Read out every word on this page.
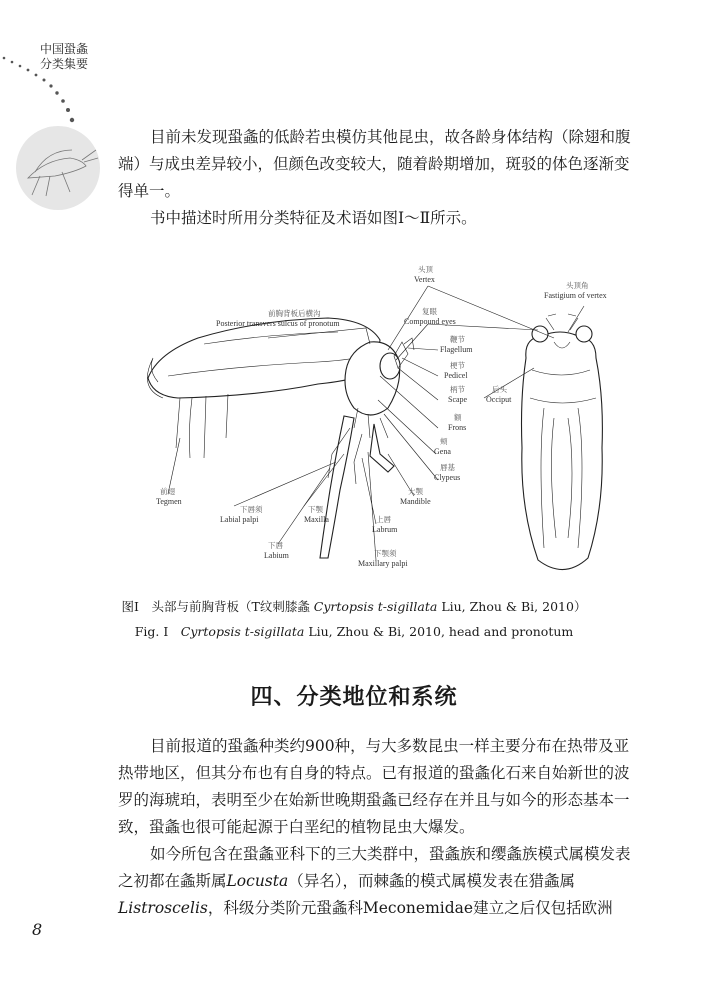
中国蛩螽
分类集要

目前未发现蛩螽的低龄若虫模仿其他昆虫，故各龄身体结构（除翅和腹端）与成虫差异较小，但颜色改变较大，随着龄期增加，斑驳的体色逐渐变得单一。

书中描述时所用分类特征及术语如图Ⅰ～Ⅱ所示。

头顶
Vertex
头顶角
Fastigium of vertex
前胸背板后横沟
Posterior transvers sulcus of pronotum
复眼
Compound eyes
鞭节
Flagellum
梗节
Pedicel
柄节
Scape
后头
Occiput
额
Frons
颊
Gena
唇基
Clypeus
大颚
Mandible
前翅
Tegmen
下唇须
Labial palpi
下颚
Maxilla	上唇
Labrum
下唇
Labium	下颚须
Maxillary palpi
图Ⅰ　头部与前胸背板（T纹刺膝螽 Cyrtopsis t-sigillata Liu, Zhou & Bi, 2010）
Fig. Ⅰ　Cyrtopsis t-sigillata Liu, Zhou & Bi, 2010, head and pronotum
四、分类地位和系统

目前报道的蛩螽种类约900种，与大多数昆虫一样主要分布在热带及亚热带地区，但其分布也有自身的特点。已有报道的蛩螽化石来自始新世的波罗的海琥珀，表明至少在始新世晚期蛩螽已经存在并且与如今的形态基本一致，蛩螽也很可能起源于白垩纪的植物昆虫大爆发。

如今所包含在蛩螽亚科下的三大类群中，蛩螽族和缨螽族模式属模发表之初都在螽斯属Locusta（异名），而棘螽的模式属模发表在猎螽属Listroscelis，科级分类阶元蛩螽科Meconemidae建立之后仅包括欧洲

8
